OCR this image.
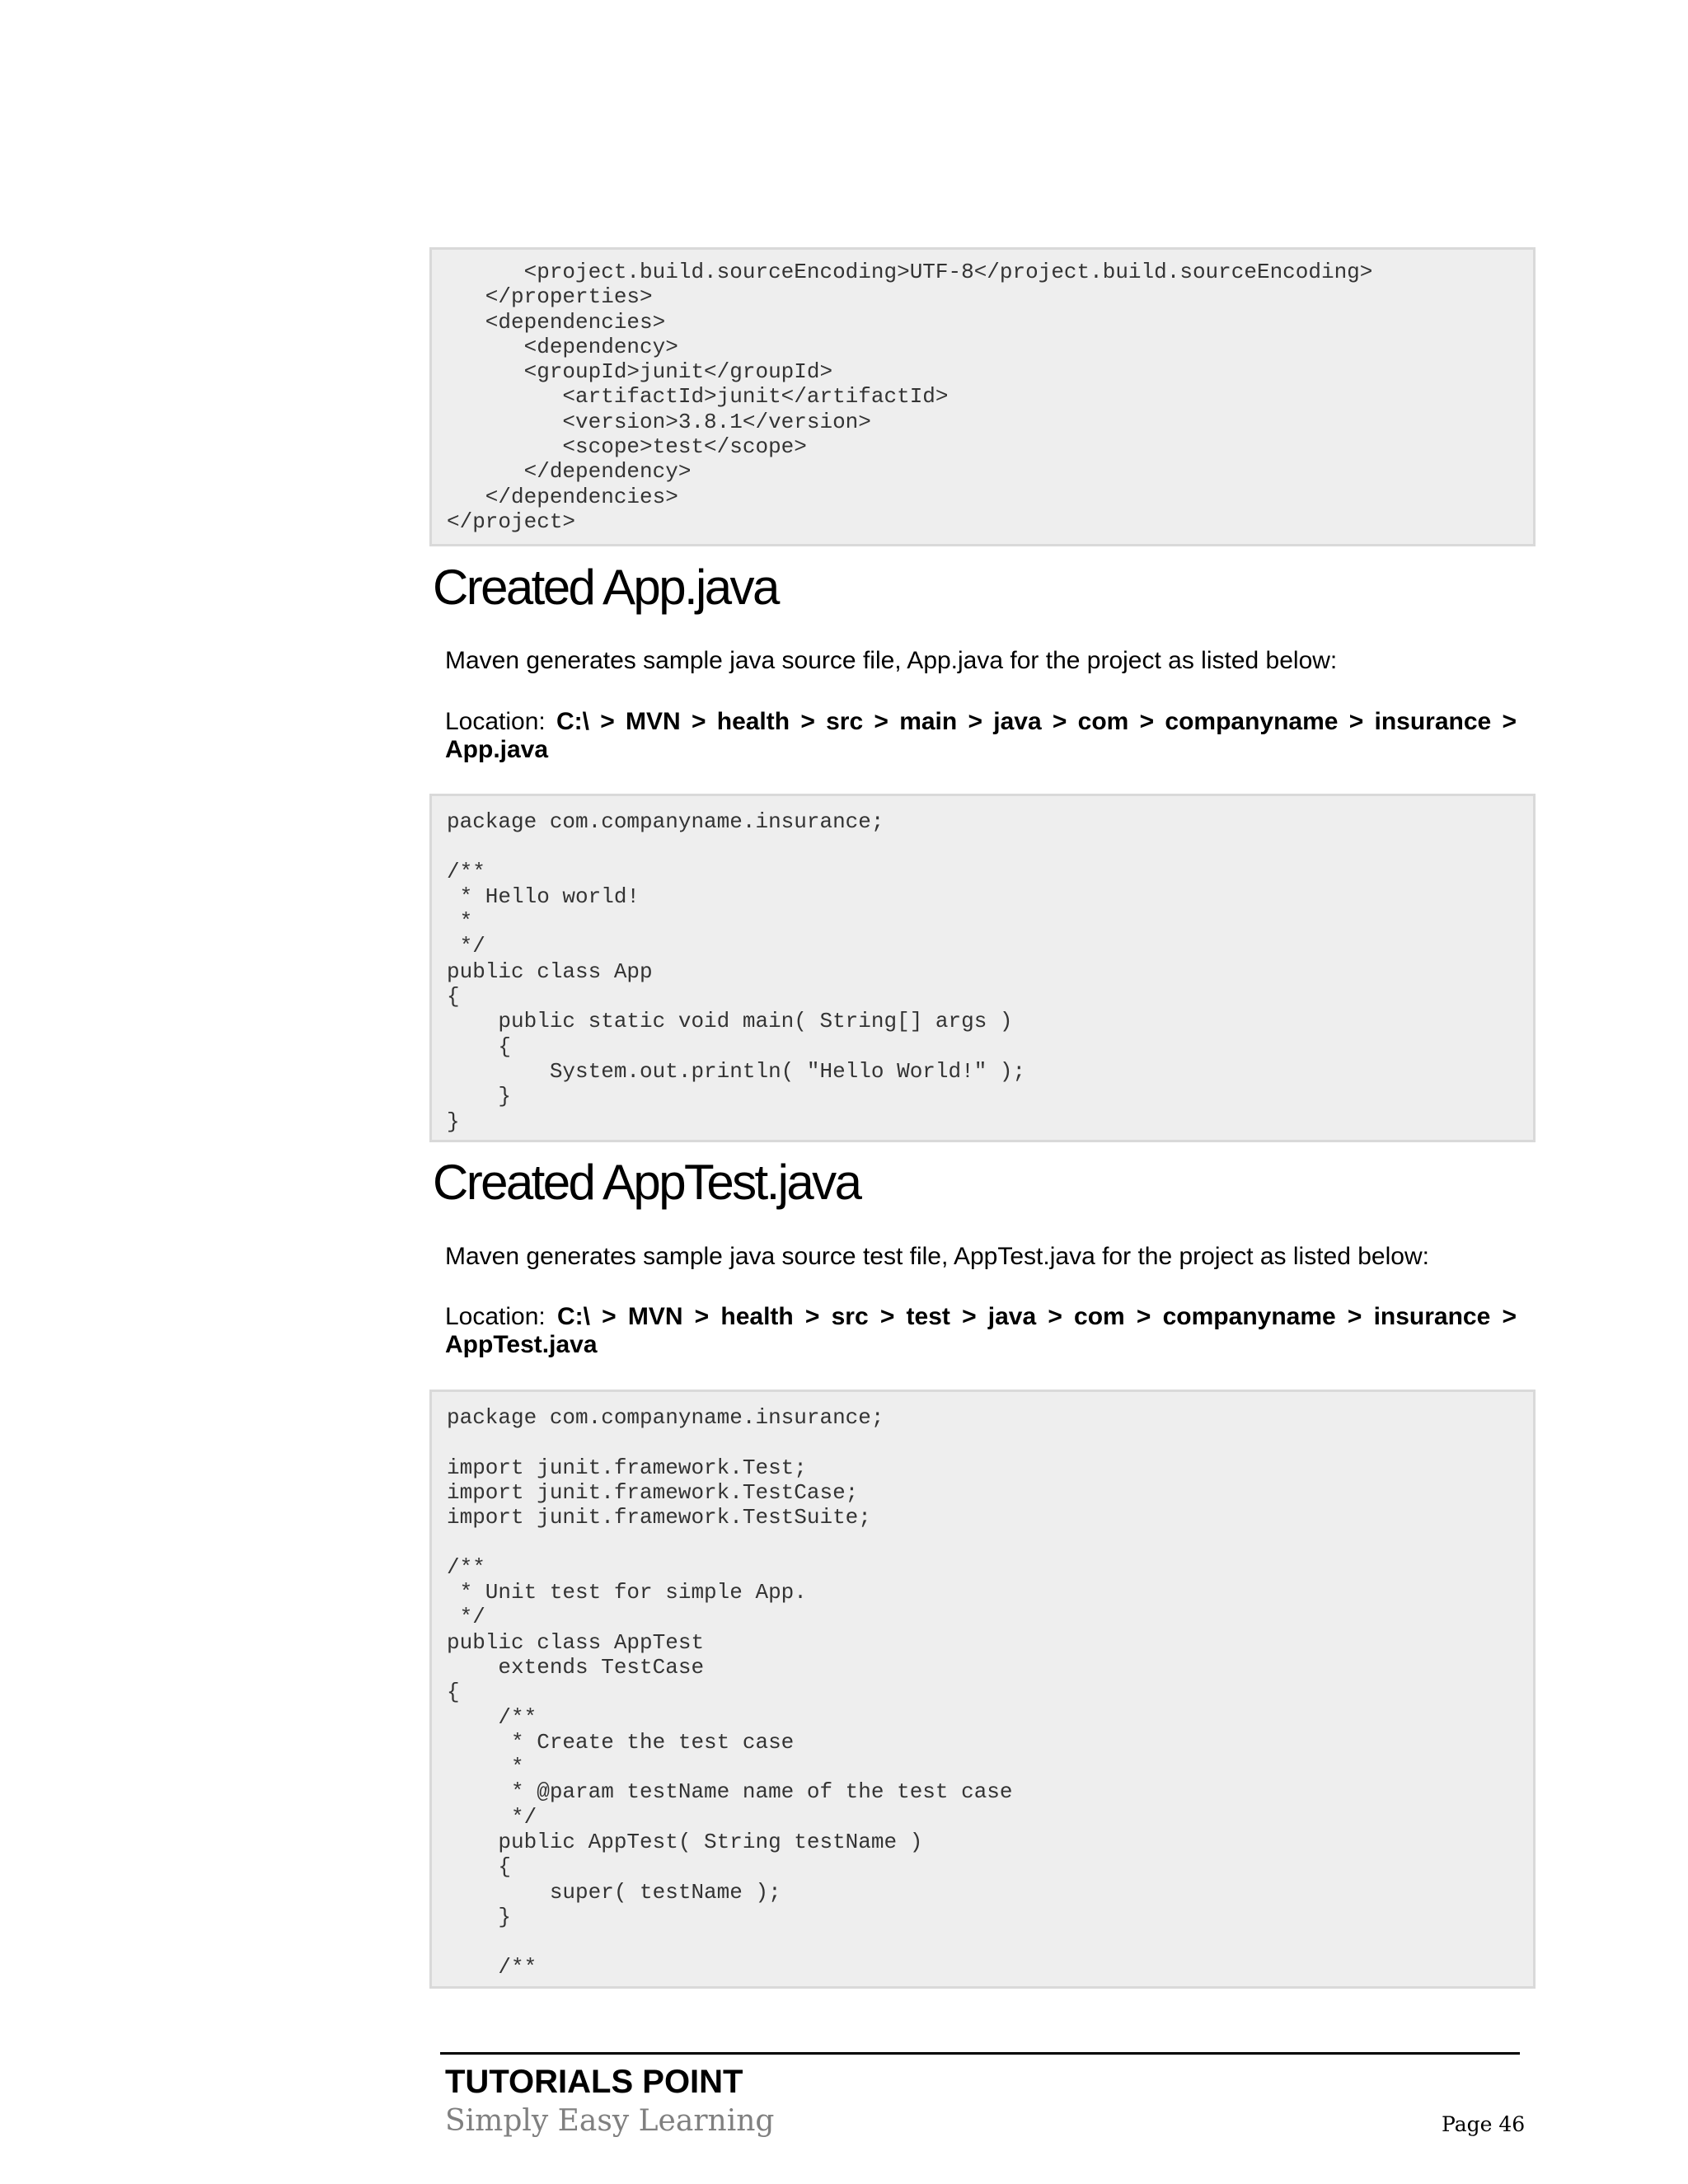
<project.build.sourceEncoding>UTF-8</project.build.sourceEncoding>
</properties>
<dependencies>
<dependency>
<groupId>junit</groupId>
<artifactId>junit</artifactId>
<version>3.8.1</version>
<scope>test</scope>
</dependency>
</dependencies>
</project>
Created App.java

Maven generates sample java source file, App.java for the project as listed below:

Location: C:\ > MVN > health > src > main > java > com > companyname > insurance > App.java

package com.companyname.insurance;

/**
* Hello world!
*
*/
public class App
{
public static void main( String[] args )
{
System.out.println( "Hello World!" );
}
}
Created AppTest.java

Maven generates sample java source test file, AppTest.java for the project as listed below:

Location: C:\ > MVN > health > src > test > java > com > companyname > insurance > AppTest.java

package com.companyname.insurance;

import junit.framework.Test;
import junit.framework.TestCase;
import junit.framework.TestSuite;

/**
* Unit test for simple App.
*/
public class AppTest
extends TestCase
{
/**
* Create the test case
*
* @param testName name of the test case
*/
public AppTest( String testName )
{
super( testName );
}

/**
TUTORIALS POINT
Simply Easy Learning	Page 46
